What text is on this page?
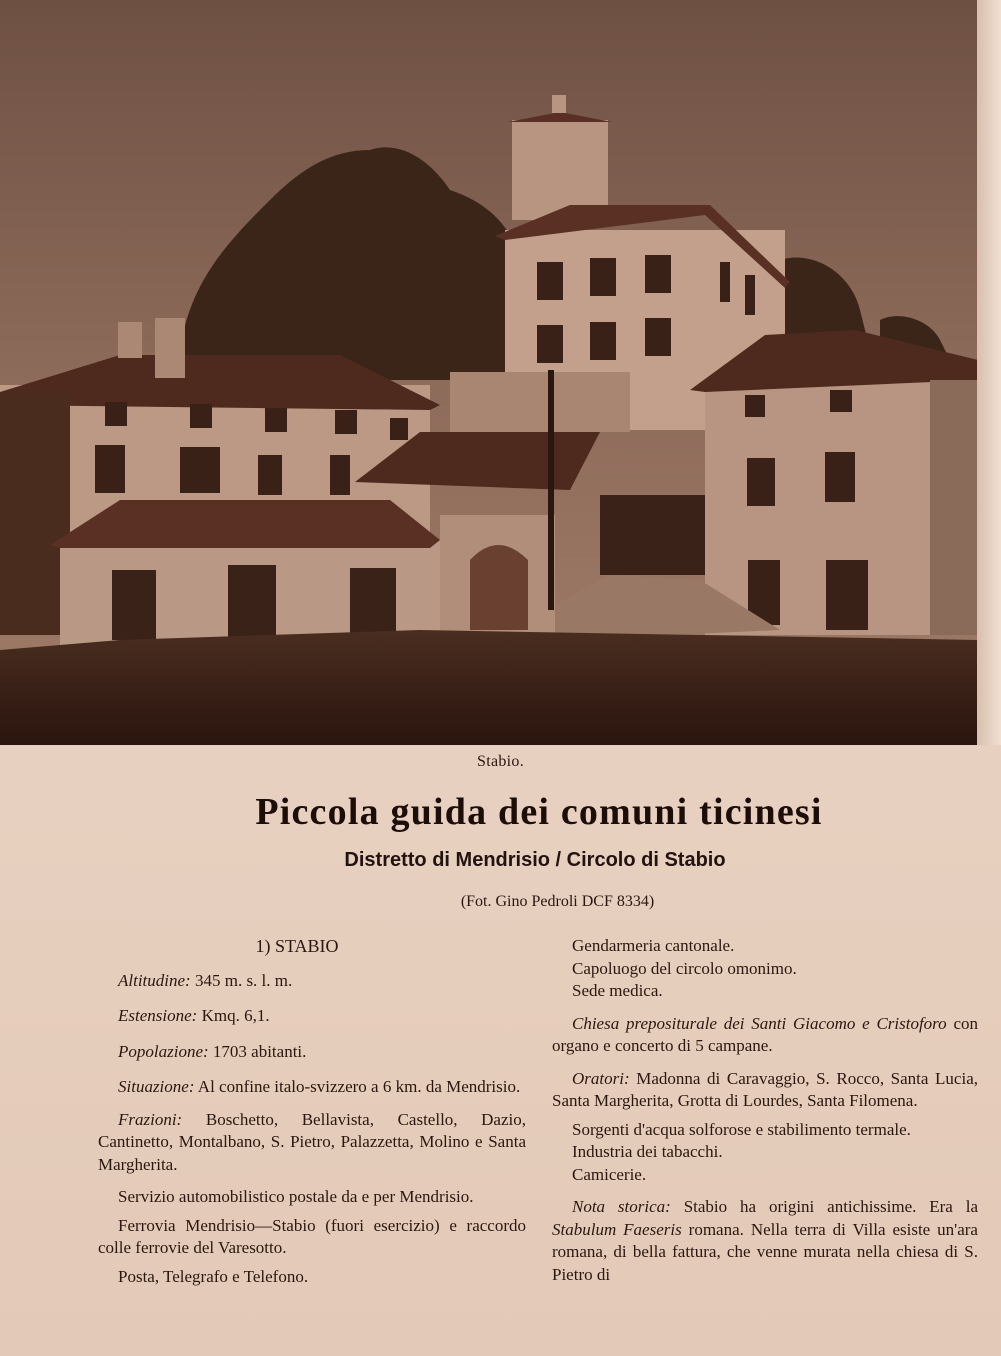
Stabio.
Piccola guida dei comuni ticinesi
Distretto di Mendrisio / Circolo di Stabio
(Fot. Gino Pedroli DCF 8334)

1) STABIO

Altitudine: 345 m. s. l. m.

Estensione: Kmq. 6,1.

Popolazione: 1703 abitanti.

Situazione: Al confine italo-svizzero a 6 km. da Mendrisio.

Frazioni: Boschetto, Bellavista, Castello, Dazio, Cantinetto, Montalbano, S. Pietro, Palazzetta, Molino e Santa Margherita.

Servizio automobilistico postale da e per Mendrisio.

Ferrovia Mendrisio—Stabio (fuori esercizio) e raccordo colle ferrovie del Varesotto.

Posta, Telegrafo e Telefono.

Gendarmeria cantonale.

Capoluogo del circolo omonimo.

Sede medica.

Chiesa prepositurale dei Santi Giacomo e Cristoforo con organo e concerto di 5 campane.

Oratori: Madonna di Caravaggio, S. Rocco, Santa Lucia, Santa Margherita, Grotta di Lourdes, Santa Filomena.

Sorgenti d'acqua solforose e stabilimento termale.

Industria dei tabacchi.

Camicerie.

Nota storica: Stabio ha origini antichissime. Era la Stabulum Faeseris romana. Nella terra di Villa esiste un'ara romana, di bella fattura, che venne murata nella chiesa di S. Pietro di
